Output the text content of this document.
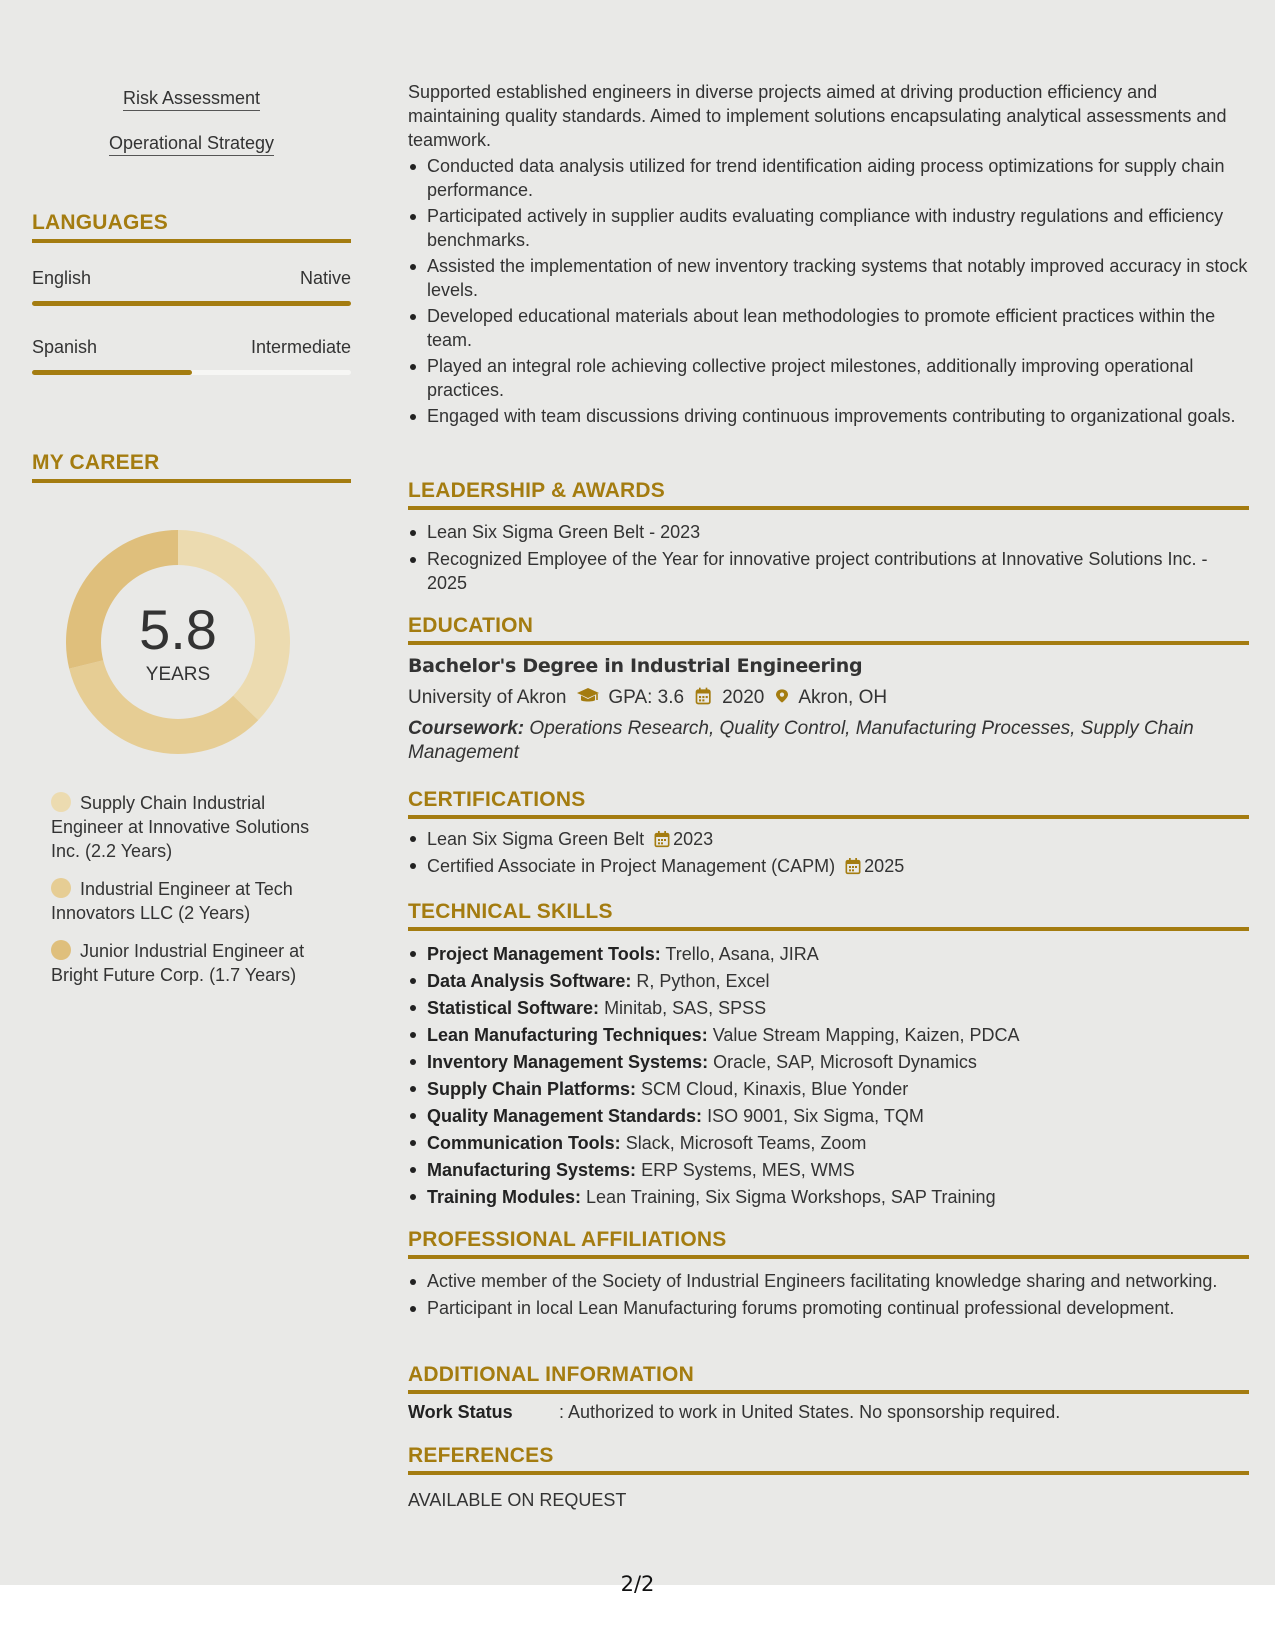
Risk Assessment
Operational Strategy
LANGUAGES
English	Native
Spanish	Intermediate
MY CAREER
5.8
YEARS
Supply Chain Industrial Engineer at Innovative Solutions Inc. (2.2 Years)
Industrial Engineer at Tech Innovators LLC (2 Years)
Junior Industrial Engineer at Bright Future Corp. (1.7 Years)
Supported established engineers in diverse projects aimed at driving production efficiency and maintaining quality standards. Aimed to implement solutions encapsulating analytical assessments and teamwork.
Conducted data analysis utilized for trend identification aiding process optimizations for supply chain performance.
Participated actively in supplier audits evaluating compliance with industry regulations and efficiency benchmarks.
Assisted the implementation of new inventory tracking systems that notably improved accuracy in stock levels.
Developed educational materials about lean methodologies to promote efficient practices within the team.
Played an integral role achieving collective project milestones, additionally improving operational practices.
Engaged with team discussions driving continuous improvements contributing to organizational goals.
LEADERSHIP & AWARDS
Lean Six Sigma Green Belt - 2023
Recognized Employee of the Year for innovative project contributions at Innovative Solutions Inc. - 2025
EDUCATION
Bachelor's Degree in Industrial Engineering
University of Akron GPA: 3.6 2020 Akron, OH
Coursework: Operations Research, Quality Control, Manufacturing Processes, Supply Chain Management
CERTIFICATIONS
Lean Six Sigma Green Belt 2023
Certified Associate in Project Management (CAPM) 2025
TECHNICAL SKILLS
Project Management Tools: Trello, Asana, JIRA
Data Analysis Software: R, Python, Excel
Statistical Software: Minitab, SAS, SPSS
Lean Manufacturing Techniques: Value Stream Mapping, Kaizen, PDCA
Inventory Management Systems: Oracle, SAP, Microsoft Dynamics
Supply Chain Platforms: SCM Cloud, Kinaxis, Blue Yonder
Quality Management Standards: ISO 9001, Six Sigma, TQM
Communication Tools: Slack, Microsoft Teams, Zoom
Manufacturing Systems: ERP Systems, MES, WMS
Training Modules: Lean Training, Six Sigma Workshops, SAP Training
PROFESSIONAL AFFILIATIONS
Active member of the Society of Industrial Engineers facilitating knowledge sharing and networking.
Participant in local Lean Manufacturing forums promoting continual professional development.
ADDITIONAL INFORMATION
Work Status	: Authorized to work in United States. No sponsorship required.
REFERENCES
AVAILABLE ON REQUEST
2/2
